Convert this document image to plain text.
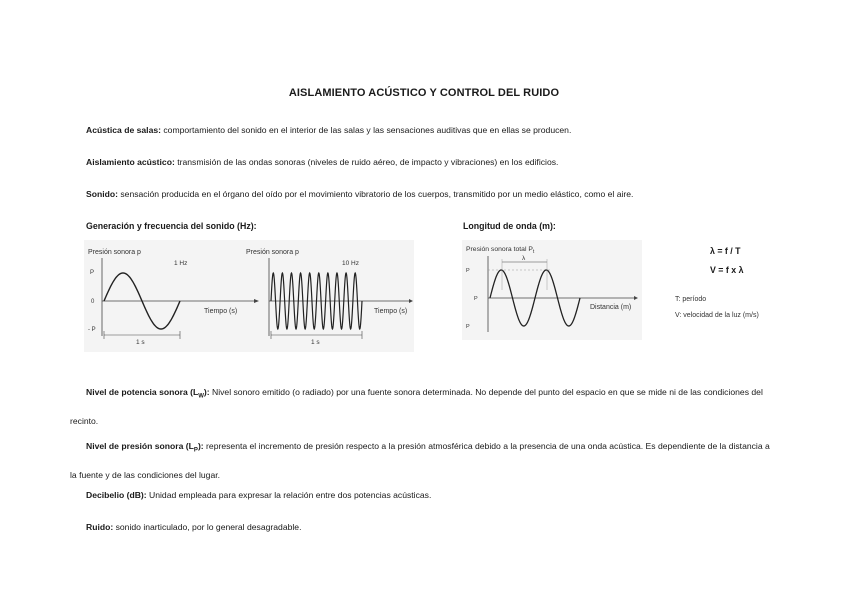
AISLAMIENTO ACÚSTICO Y CONTROL DEL RUIDO
Acústica de salas: comportamiento del sonido en el interior de las salas y las sensaciones auditivas que en ellas se producen.
Aislamiento acústico: transmisión de las ondas sonoras (niveles de ruido aéreo, de impacto y vibraciones) en los edificios.
Sonido: sensación producida en el órgano del oído por el movimiento vibratorio de los cuerpos, transmitido por un medio elástico, como el aire.
Generación y frecuencia del sonido (Hz):	Longitud de onda (m):
Presión sonora p
P
0
- P
1 Hz
Tiempo (s)
1 s
Presión sonora p
10 Hz
Tiempo (s)
1 s
Presión sonora total $P_t$
P
P
P
λ
Distancia (m)
λ = f / T
V = f x λ
T: período
V: velocidad de la luz (m/s)
Nivel de potencia sonora $(L_W)$: Nivel sonoro emitido (o radiado) por una fuente sonora determinada. No depende del punto del espacio en que se mide ni de las condiciones del recinto.
Nivel de presión sonora $(L_P)$: representa el incremento de presión respecto a la presión atmosférica debido a la presencia de una onda acústica. Es dependiente de la distancia a la fuente y de las condiciones del lugar.
Decibelio (dB): Unidad empleada para expresar la relación entre dos potencias acústicas.
Ruido: sonido inarticulado, por lo general desagradable.
